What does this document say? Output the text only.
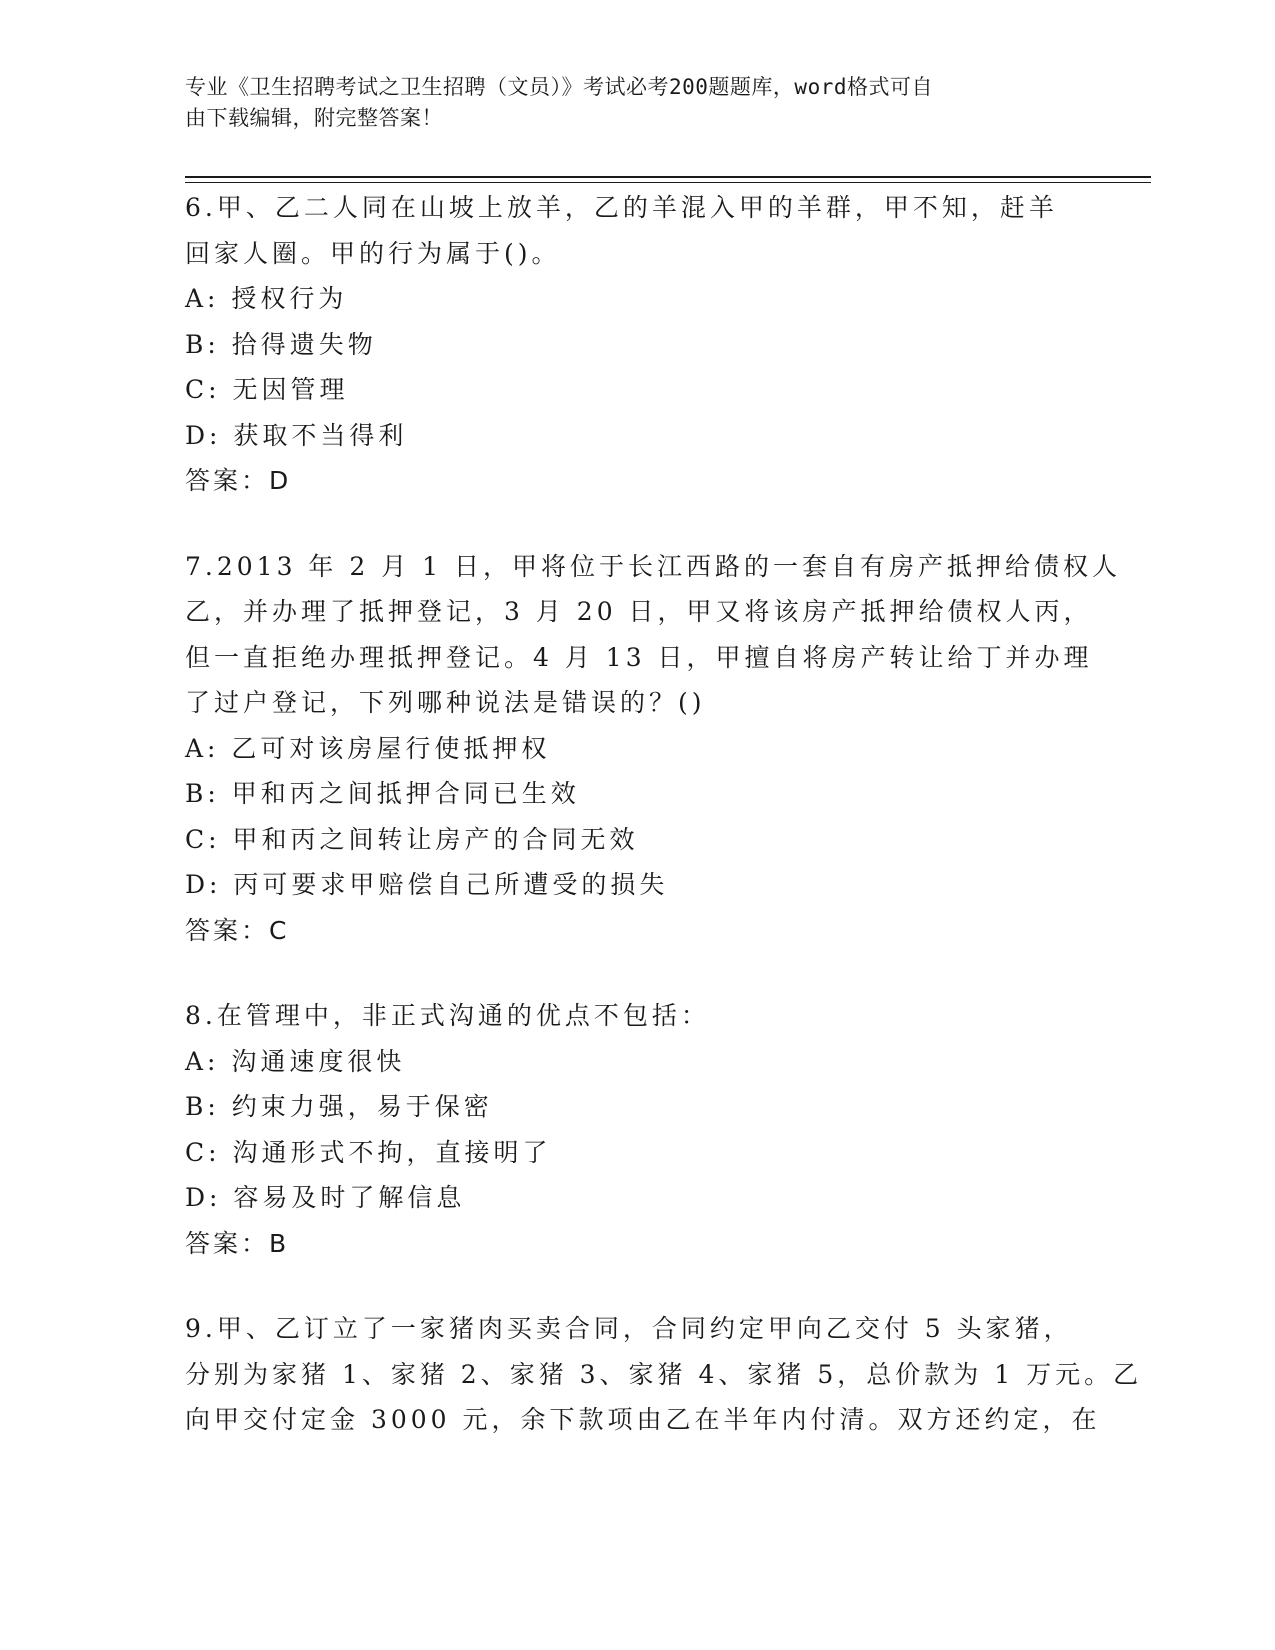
专业《卫生招聘考试之卫生招聘（文员）》考试必考200题题库，word格式可自
由下载编辑，附完整答案！
6.甲、乙二人同在山坡上放羊，乙的羊混入甲的羊群，甲不知，赶羊
回家人圈。甲的行为属于()。
A: 授权行为
B: 拾得遗失物
C: 无因管理
D: 获取不当得利
答案：D
7.2013 年 2 月 1 日，甲将位于长江西路的一套自有房产抵押给债权人
乙，并办理了抵押登记，3 月 20 日，甲又将该房产抵押给债权人丙，
但一直拒绝办理抵押登记。4 月 13 日，甲擅自将房产转让给丁并办理
了过户登记，下列哪种说法是错误的？()
A: 乙可对该房屋行使抵押权
B: 甲和丙之间抵押合同已生效
C: 甲和丙之间转让房产的合同无效
D: 丙可要求甲赔偿自己所遭受的损失
答案：C
8.在管理中，非正式沟通的优点不包括：
A: 沟通速度很快
B: 约束力强，易于保密
C: 沟通形式不拘，直接明了
D: 容易及时了解信息
答案：B
9.甲、乙订立了一家猪肉买卖合同，合同约定甲向乙交付 5 头家猪，
分别为家猪 1、家猪 2、家猪 3、家猪 4、家猪 5，总价款为 1 万元。乙
向甲交付定金 3000 元，余下款项由乙在半年内付清。双方还约定，在
